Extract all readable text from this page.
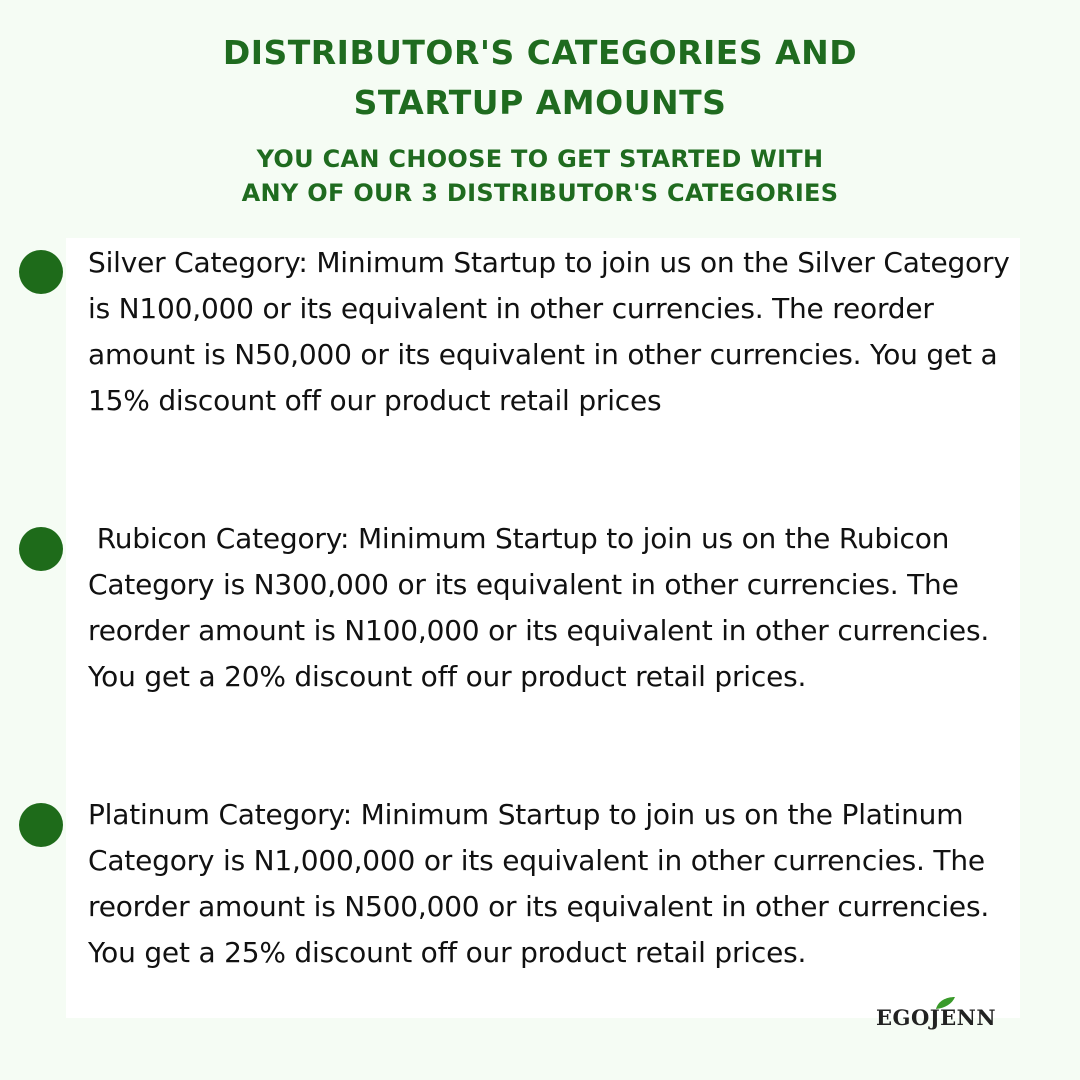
DISTRIBUTOR'S CATEGORIES AND
STARTUP AMOUNTS
YOU CAN CHOOSE TO GET STARTED WITH
ANY OF OUR 3 DISTRIBUTOR'S CATEGORIES

Silver Category: Minimum Startup to join us on the Silver Category is N100,000 or its equivalent in other currencies. The reorder amount is N50,000 or its equivalent in other currencies. You get a 15% discount off our product retail prices

Rubicon Category: Minimum Startup to join us on the Rubicon Category is N300,000 or its equivalent in other currencies. The reorder amount is N100,000 or its equivalent in other currencies. You get a 20% discount off our product retail prices.

Platinum Category: Minimum Startup to join us on the Platinum Category is N1,000,000 or its equivalent in other currencies. The reorder amount is N500,000 or its equivalent in other currencies. You get a 25% discount off our product retail prices.

EGOJENN
